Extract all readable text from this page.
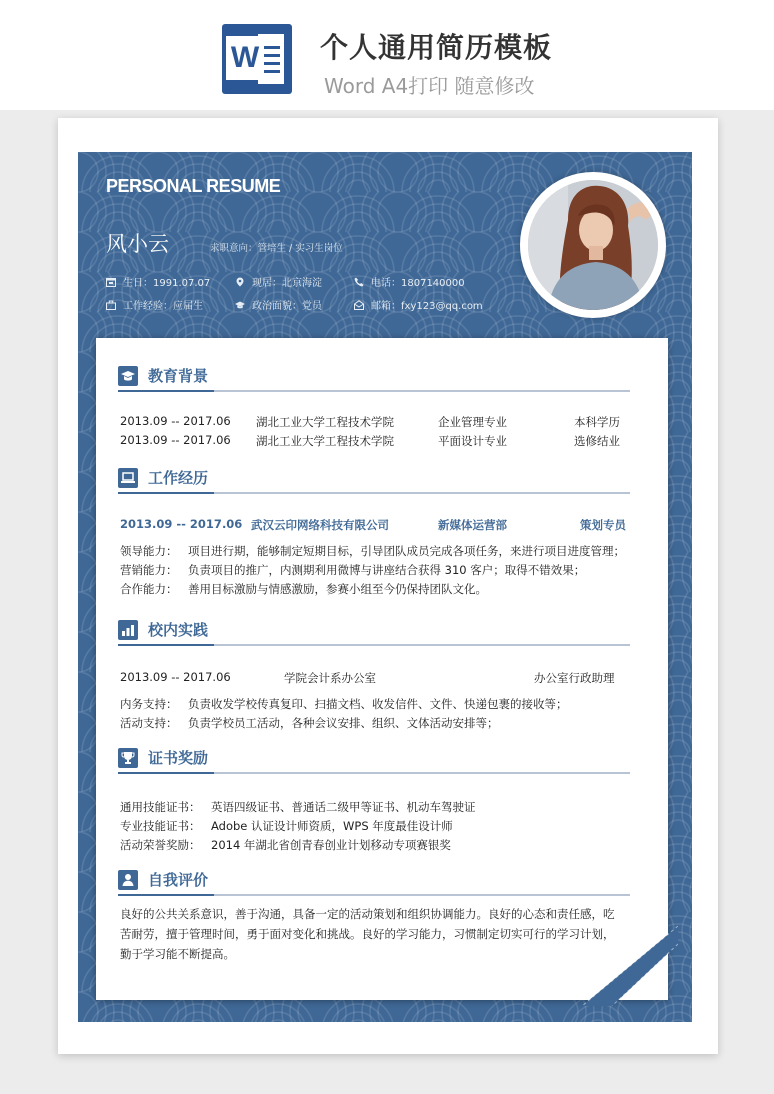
W 个人通用简历模板
Word A4打印 随意修改
PERSONAL RESUME
风小云	求职意向：管培生 / 实习生岗位
生日：1991.07.07	现居：北京海淀	电话：1807140000
工作经验：应届生	政治面貌：党员	邮箱：fxy123@qq.com
教育背景
2013.09 -- 2017.06 湖北工业大学工程技术学院	企业管理专业	本科学历
2013.09 -- 2017.06 湖北工业大学工程技术学院	平面设计专业	选修结业
工作经历
2013.09 -- 2017.06 武汉云印网络科技有限公司	新媒体运营部	策划专员
领导能力： 项目进行期，能够制定短期目标，引导团队成员完成各项任务，来进行项目进度管理；
营销能力： 负责项目的推广，内测期利用微博与讲座结合获得 310 客户；取得不错效果；
合作能力： 善用目标激励与情感激励，参赛小组至今仍保持团队文化。
校内实践
2013.09 -- 2017.06	学院会计系办公室	办公室行政助理
内务支持： 负责收发学校传真复印、扫描文档、收发信件、文件、快递包裹的接收等；
活动支持： 负责学校员工活动，各种会议安排、组织、文体活动安排等；
证书奖励
通用技能证书： 英语四级证书、普通话二级甲等证书、机动车驾驶证
专业技能证书： Adobe 认证设计师资质，WPS 年度最佳设计师
活动荣誉奖励： 2014 年湖北省创青春创业计划移动专项赛银奖
自我评价
良好的公共关系意识，善于沟通，具备一定的活动策划和组织协调能力。良好的心态和责任感，吃苦耐劳，擅于管理时间，勇于面对变化和挑战。良好的学习能力，习惯制定切实可行的学习计划，勤于学习能不断提高。
